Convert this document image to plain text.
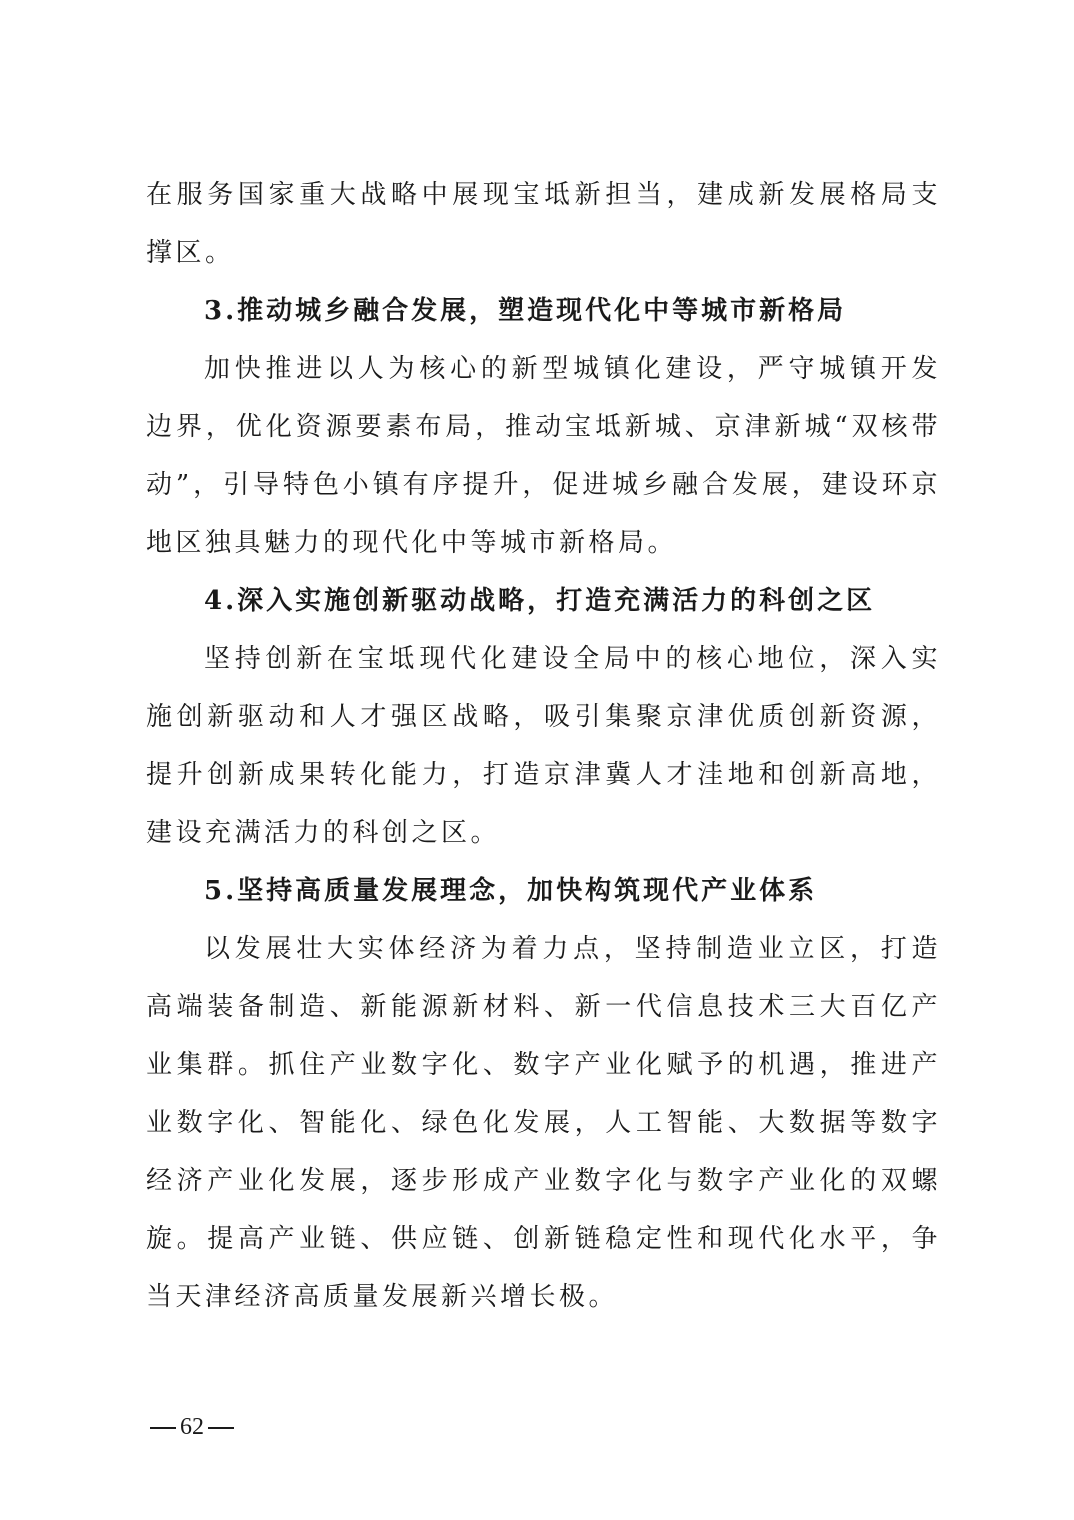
在服务国家重大战略中展现宝坻新担当，建成新发展格局支撑区。

3.推动城乡融合发展，塑造现代化中等城市新格局

加快推进以人为核心的新型城镇化建设，严守城镇开发边界，优化资源要素布局，推动宝坻新城、京津新城“双核带动”，引导特色小镇有序提升，促进城乡融合发展，建设环京地区独具魅力的现代化中等城市新格局。

4.深入实施创新驱动战略，打造充满活力的科创之区

坚持创新在宝坻现代化建设全局中的核心地位，深入实施创新驱动和人才强区战略，吸引集聚京津优质创新资源，提升创新成果转化能力，打造京津冀人才洼地和创新高地，建设充满活力的科创之区。

5.坚持高质量发展理念，加快构筑现代产业体系

以发展壮大实体经济为着力点，坚持制造业立区，打造高端装备制造、新能源新材料、新一代信息技术三大百亿产业集群。抓住产业数字化、数字产业化赋予的机遇，推进产业数字化、智能化、绿色化发展，人工智能、大数据等数字经济产业化发展，逐步形成产业数字化与数字产业化的双螺旋。提高产业链、供应链、创新链稳定性和现代化水平，争当天津经济高质量发展新兴增长极。

62
